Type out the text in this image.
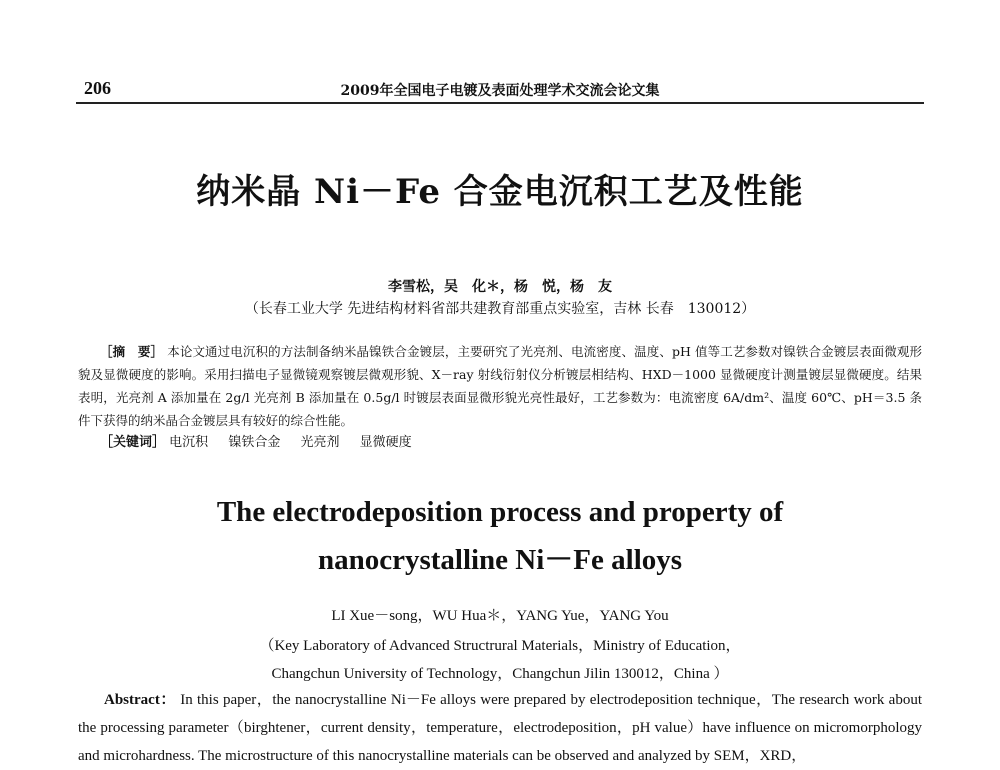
206	2009年全国电子电镀及表面处理学术交流会论文集
纳米晶 Ni－Fe 合金电沉积工艺及性能
李雪松，吴　化＊，杨　悦，杨　友
（长春工业大学 先进结构材料省部共建教育部重点实验室，吉林 长春　130012）
［摘　要］ 本论文通过电沉积的方法制备纳米晶镍铁合金镀层，主要研究了光亮剂、电流密度、温度、pH 值等工艺参数对镍铁合金镀层表面微观形貌及显微硬度的影响。采用扫描电子显微镜观察镀层微观形貌、X－ray 射线衍射仪分析镀层相结构、HXD－1000 显微硬度计测量镀层显微硬度。结果表明，光亮剂 A 添加量在 2g/l 光亮剂 B 添加量在 0.5g/l 时镀层表面显微形貌光亮性最好，工艺参数为：电流密度 6A/dm²、温度 60℃、pH＝3.5 条件下获得的纳米晶合金镀层具有较好的综合性能。
［关键词］ 电沉积 镍铁合金 光亮剂 显微硬度
The electrodeposition process and property of
nanocrystalline Ni－Fe alloys
LI Xue－song，WU Hua＊，YANG Yue，YANG You
（Key Laboratory of Advanced Structrural Materials，Ministry of Education，
Changchun University of Technology，Changchun Jilin 130012，China ）
Abstract： In this paper，the nanocrystalline Ni－Fe alloys were prepared by electrodeposition technique，The research work about the processing parameter（birghtener，current density，temperature，electrodeposition，pH value）have influence on micromorphology and microhardness. The microstructure of this nanocrystalline materials can be observed and analyzed by SEM，XRD，
